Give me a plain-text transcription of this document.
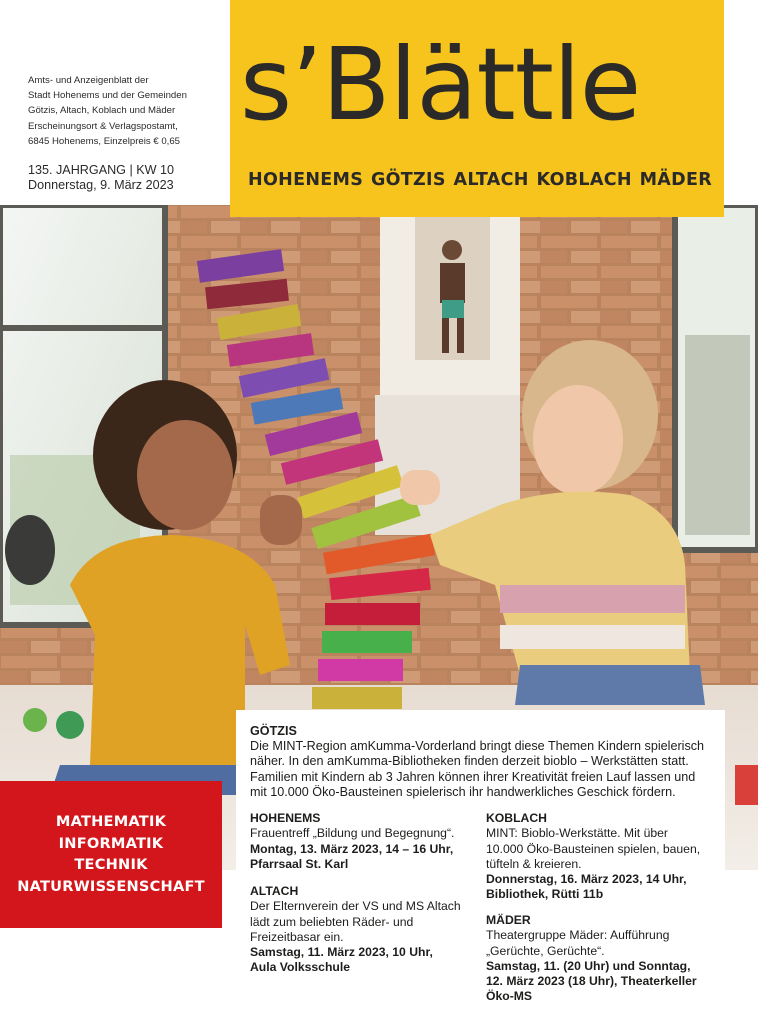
s’Blättle
HOHENEMS GÖTZIS ALTACH KOBLACH MÄDER
Amts- und Anzeigenblatt der
Stadt Hohenems und der Gemeinden
Götzis, Altach, Koblach und Mäder
Erscheinungsort & Verlagspostamt,
6845 Hohenems, Einzelpreis € 0,65
135. JAHRGANG | KW 10
Donnerstag, 9. März 2023
MATHEMATIK
INFORMATIK
TECHNIK
NATURWISSENSCHAFT
GÖTZIS
Die MINT-Region amKumma-Vorderland bringt diese Themen Kindern spielerisch
näher. In den amKumma-Bibliotheken finden derzeit bioblo – Werkstätten statt.
Familien mit Kindern ab 3 Jahren können ihrer Kreativität freien Lauf lassen und
mit 10.000 Öko-Bausteinen spielerisch ihr handwerkliches Geschick fördern.
HOHENEMS
Frauentreff „Bildung und Begegnung“.
Montag, 13. März 2023, 14 – 16 Uhr,
Pfarrsaal St. Karl
ALTACH
Der Elternverein der VS und MS Altach
lädt zum beliebten Räder- und
Freizeitbasar ein.
Samstag, 11. März 2023, 10 Uhr,
Aula Volksschule
KOBLACH
MINT: Bioblo-Werkstätte. Mit über
10.000 Öko-Bausteinen spielen, bauen,
tüfteln & kreieren.
Donnerstag, 16. März 2023, 14 Uhr,
Bibliothek, Rütti 11b
MÄDER
Theatergruppe Mäder: Aufführung
„Gerüchte, Gerüchte“.
Samstag, 11. (20 Uhr) und Sonntag,
12. März 2023 (18 Uhr), Theaterkeller
Öko-MS
